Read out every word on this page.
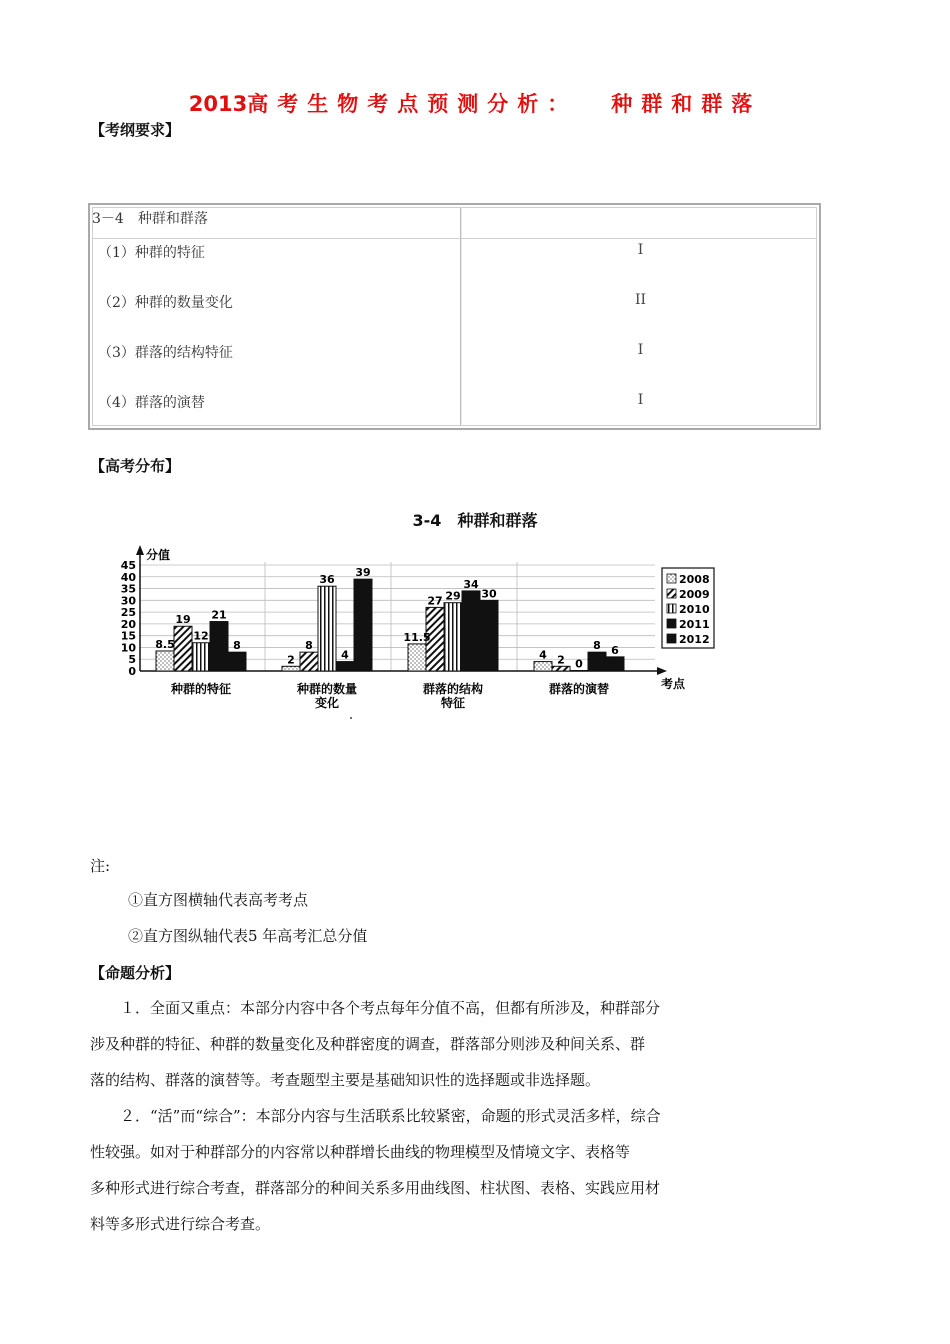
2013高考生物考点预测分析： 种群和群落
【考纲要求】
3－4　种群和群落
（1）种群的特征	I
（2）种群的数量变化	II
（3）群落的结构特征	I
（4）群落的演替	I
【高考分布】
3-4　种群和群落
0
5
10
15
20
25
30
35
40
45
分值
考点
8.5
19
12
21
8
种群的特征
2
8
36
4
39
种群的数量
变化
11.5
27 29
34
30
群落的结构
特征
4 2 0
8 6
群落的演替
2008
2009
2010
2011
2012
注:
①直方图横轴代表高考考点
②直方图纵轴代表5 年高考汇总分值
【命题分析】
１．全面又重点：本部分内容中各个考点每年分值不高，但都有所涉及，种群部分
涉及种群的特征、种群的数量变化及种群密度的调查，群落部分则涉及种间关系、群
落的结构、群落的演替等。考查题型主要是基础知识性的选择题或非选择题。
２．“活”而“综合”：本部分内容与生活联系比较紧密，命题的形式灵活多样，综合
性较强。如对于种群部分的内容常以种群增长曲线的物理模型及情境文字、表格等
多种形式进行综合考查，群落部分的种间关系多用曲线图、柱状图、表格、实践应用材
料等多形式进行综合考查。
